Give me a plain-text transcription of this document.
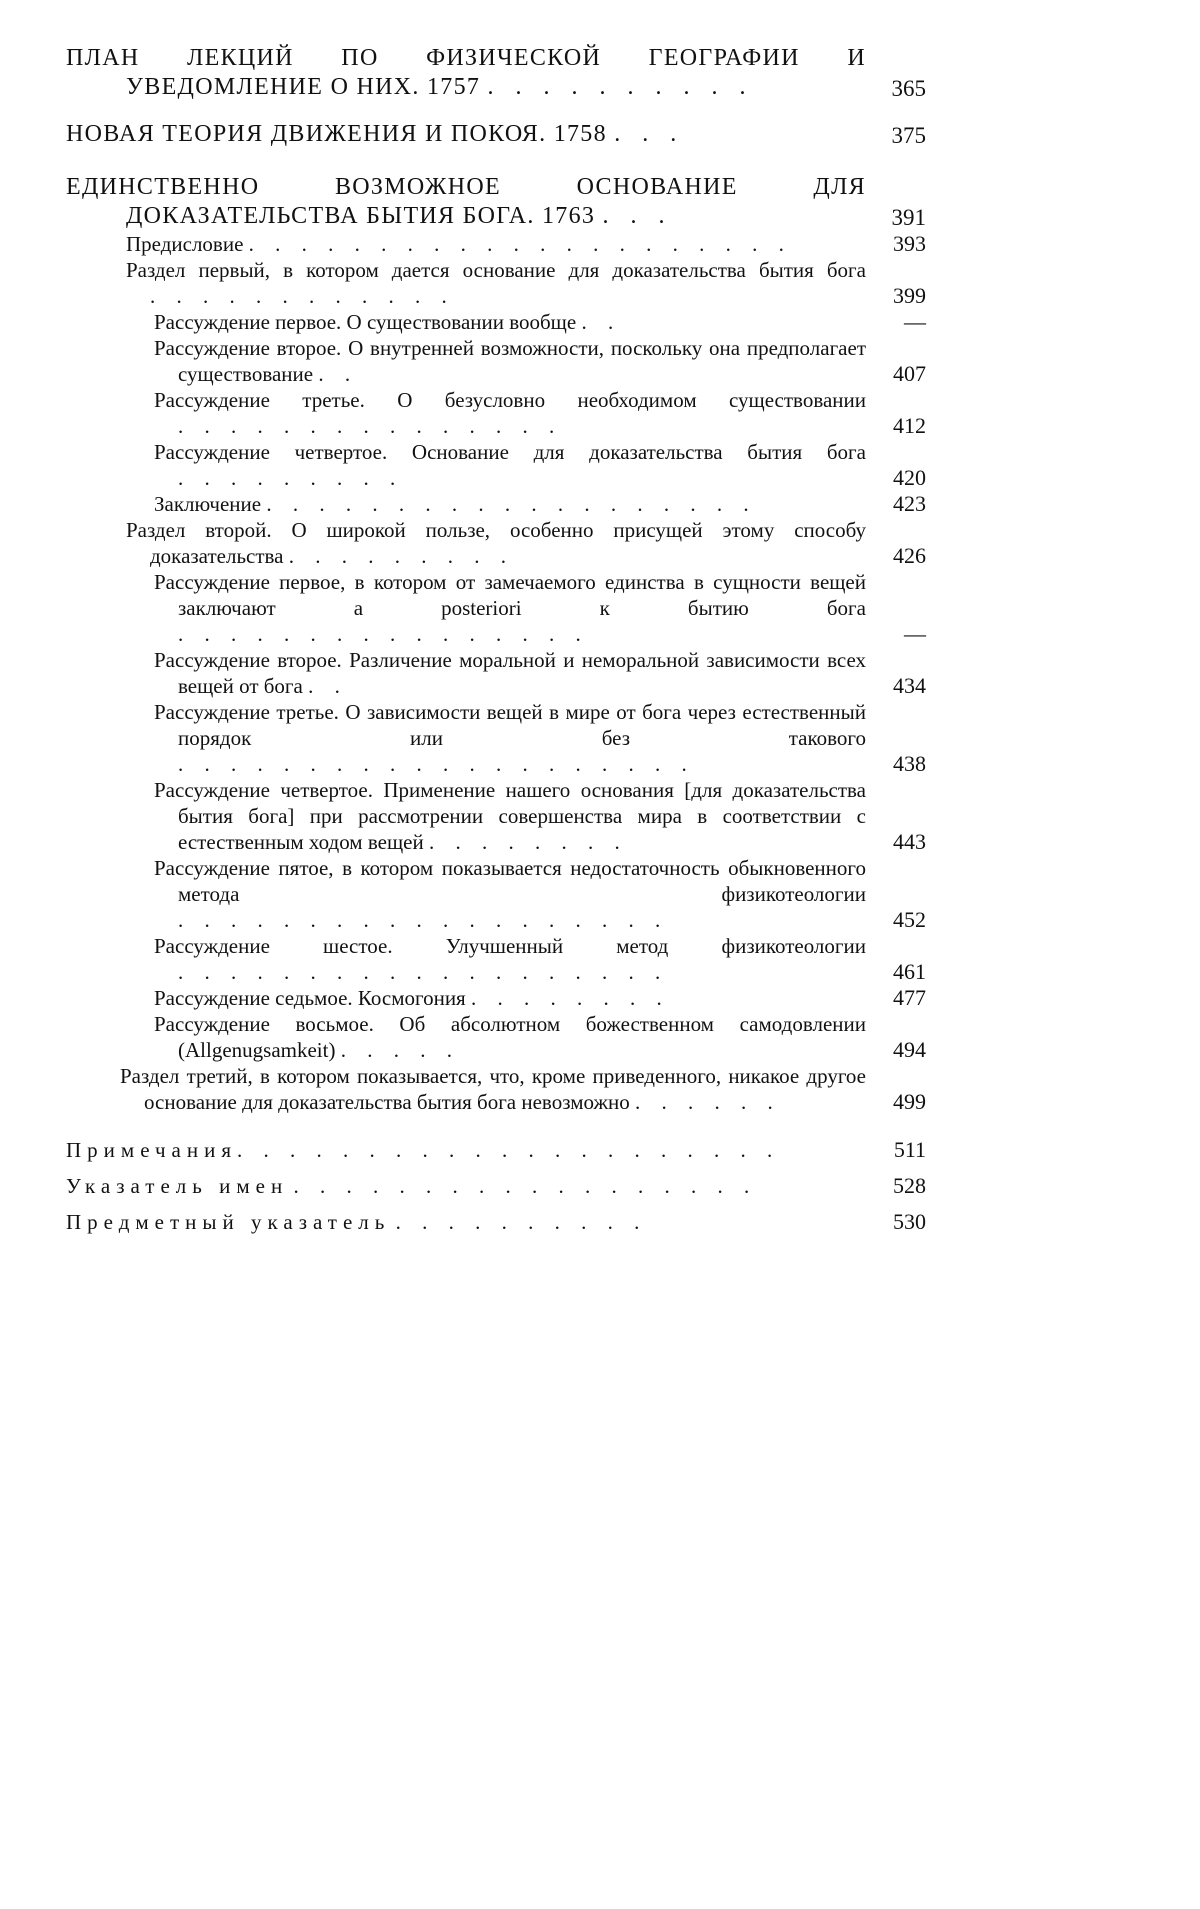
ПЛАН ЛЕКЦИЙ ПО ФИЗИЧЕСКОЙ ГЕОГРАФИИ И УВЕДОМЛЕНИЕ О НИХ. 1757 . . . . . . . . . .	365
НОВАЯ ТЕОРИЯ ДВИЖЕНИЯ И ПОКОЯ. 1758 . . .	375
ЕДИНСТВЕННО ВОЗМОЖНОЕ ОСНОВАНИЕ ДЛЯ ДОКАЗАТЕЛЬСТВА БЫТИЯ БОГА. 1763 . . .	391
Предисловие . . . . . . . . . . . . . . . . . . . . .	393
Раздел первый, в котором дается основание для доказательства бытия бога . . . . . . . . . . . .	399
Рассуждение первое. О существовании вообще . .	—
Рассуждение второе. О внутренней возможности, поскольку она предполагает существование . .	407
Рассуждение третье. О безусловно необходимом существовании . . . . . . . . . . . . . . .	412
Рассуждение четвертое. Основание для доказательства бытия бога . . . . . . . . .	420
Заключение . . . . . . . . . . . . . . . . . . .	423
Раздел второй. О широкой пользе, особенно присущей этому способу доказательства . . . . . . . . .	426
Рассуждение первое, в котором от замечаемого единства в сущности вещей заключают a posteriori к бытию бога . . . . . . . . . . . . . . . .	—
Рассуждение второе. Различение моральной и неморальной зависимости всех вещей от бога . .	434
Рассуждение третье. О зависимости вещей в мире от бога через естественный порядок или без такового . . . . . . . . . . . . . . . . . . . .	438
Рассуждение четвертое. Применение нашего основания [для доказательства бытия бога] при рассмотрении совершенства мира в соответствии с естественным ходом вещей . . . . . . . .	443
Рассуждение пятое, в котором показывается недостаточность обыкновенного метода физикотеологии . . . . . . . . . . . . . . . . . . .	452
Рассуждение шестое. Улучшенный метод физикотеологии . . . . . . . . . . . . . . . . . . .	461
Рассуждение седьмое. Космогония . . . . . . . .	477
Рассуждение восьмое. Об абсолютном божественном самодовлении (Allgenugsamkeit) . . . . .	494
Раздел третий, в котором показывается, что, кроме приведенного, никакое другое основание для доказательства бытия бога невозможно . . . . . .	499
Примечания. . . . . . . . . . . . . . . . . . . . .	511
Указатель имен . . . . . . . . . . . . . . . . . .	528
Предметный указатель . . . . . . . . . .	530
